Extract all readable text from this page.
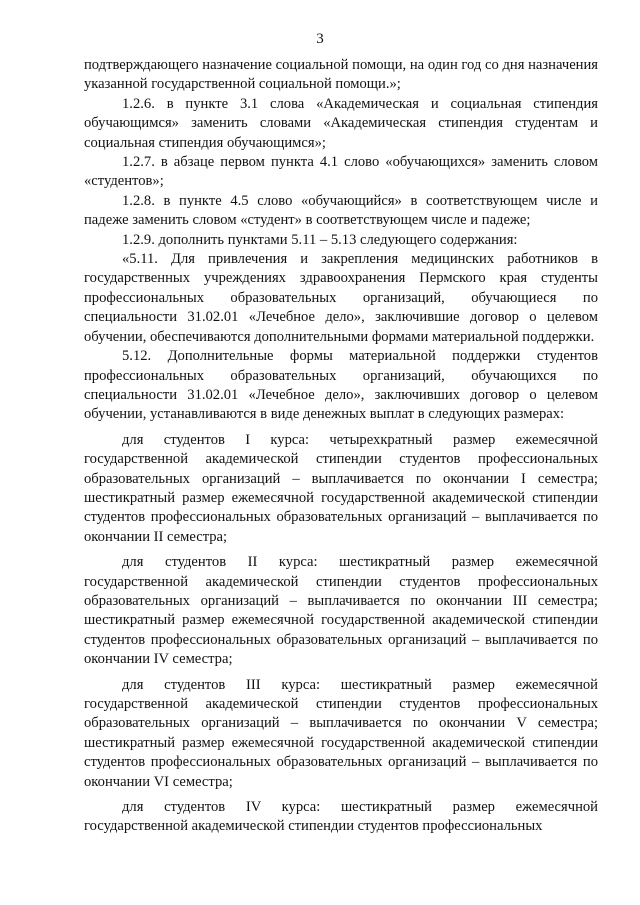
3

подтверждающего назначение социальной помощи, на один год со дня назначения указанной государственной социальной помощи.»;

1.2.6. в пункте 3.1 слова «Академическая и социальная стипендия обучающимся» заменить словами «Академическая стипендия студентам и социальная стипендия обучающимся»;

1.2.7. в абзаце первом пункта 4.1 слово «обучающихся» заменить словом «студентов»;

1.2.8. в пункте 4.5 слово «обучающийся» в соответствующем числе и падеже заменить словом «студент» в соответствующем числе и падеже;

1.2.9. дополнить пунктами 5.11 – 5.13 следующего содержания:

«5.11. Для привлечения и закрепления медицинских работников в государственных учреждениях здравоохранения Пермского края студенты профессиональных образовательных организаций, обучающиеся по специальности 31.02.01 «Лечебное дело», заключившие договор о целевом обучении, обеспечиваются дополнительными формами материальной поддержки.

5.12. Дополнительные формы материальной поддержки студентов профессиональных образовательных организаций, обучающихся по специальности 31.02.01 «Лечебное дело», заключивших договор о целевом обучении, устанавливаются в виде денежных выплат в следующих размерах:

для студентов I курса: четырехкратный размер ежемесячной государственной академической стипендии студентов профессиональных образовательных организаций – выплачивается по окончании I семестра; шестикратный размер ежемесячной государственной академической стипендии студентов профессиональных образовательных организаций – выплачивается по окончании II семестра;

для студентов II курса: шестикратный размер ежемесячной государственной академической стипендии студентов профессиональных образовательных организаций – выплачивается по окончании III семестра; шестикратный размер ежемесячной государственной академической стипендии студентов профессиональных образовательных организаций – выплачивается по окончании IV семестра;

для студентов III курса: шестикратный размер ежемесячной государственной академической стипендии студентов профессиональных образовательных организаций – выплачивается по окончании V семестра; шестикратный размер ежемесячной государственной академической стипендии студентов профессиональных образовательных организаций – выплачивается по окончании VI семестра;

для студентов IV курса: шестикратный размер ежемесячной государственной академической стипендии студентов профессиональных
